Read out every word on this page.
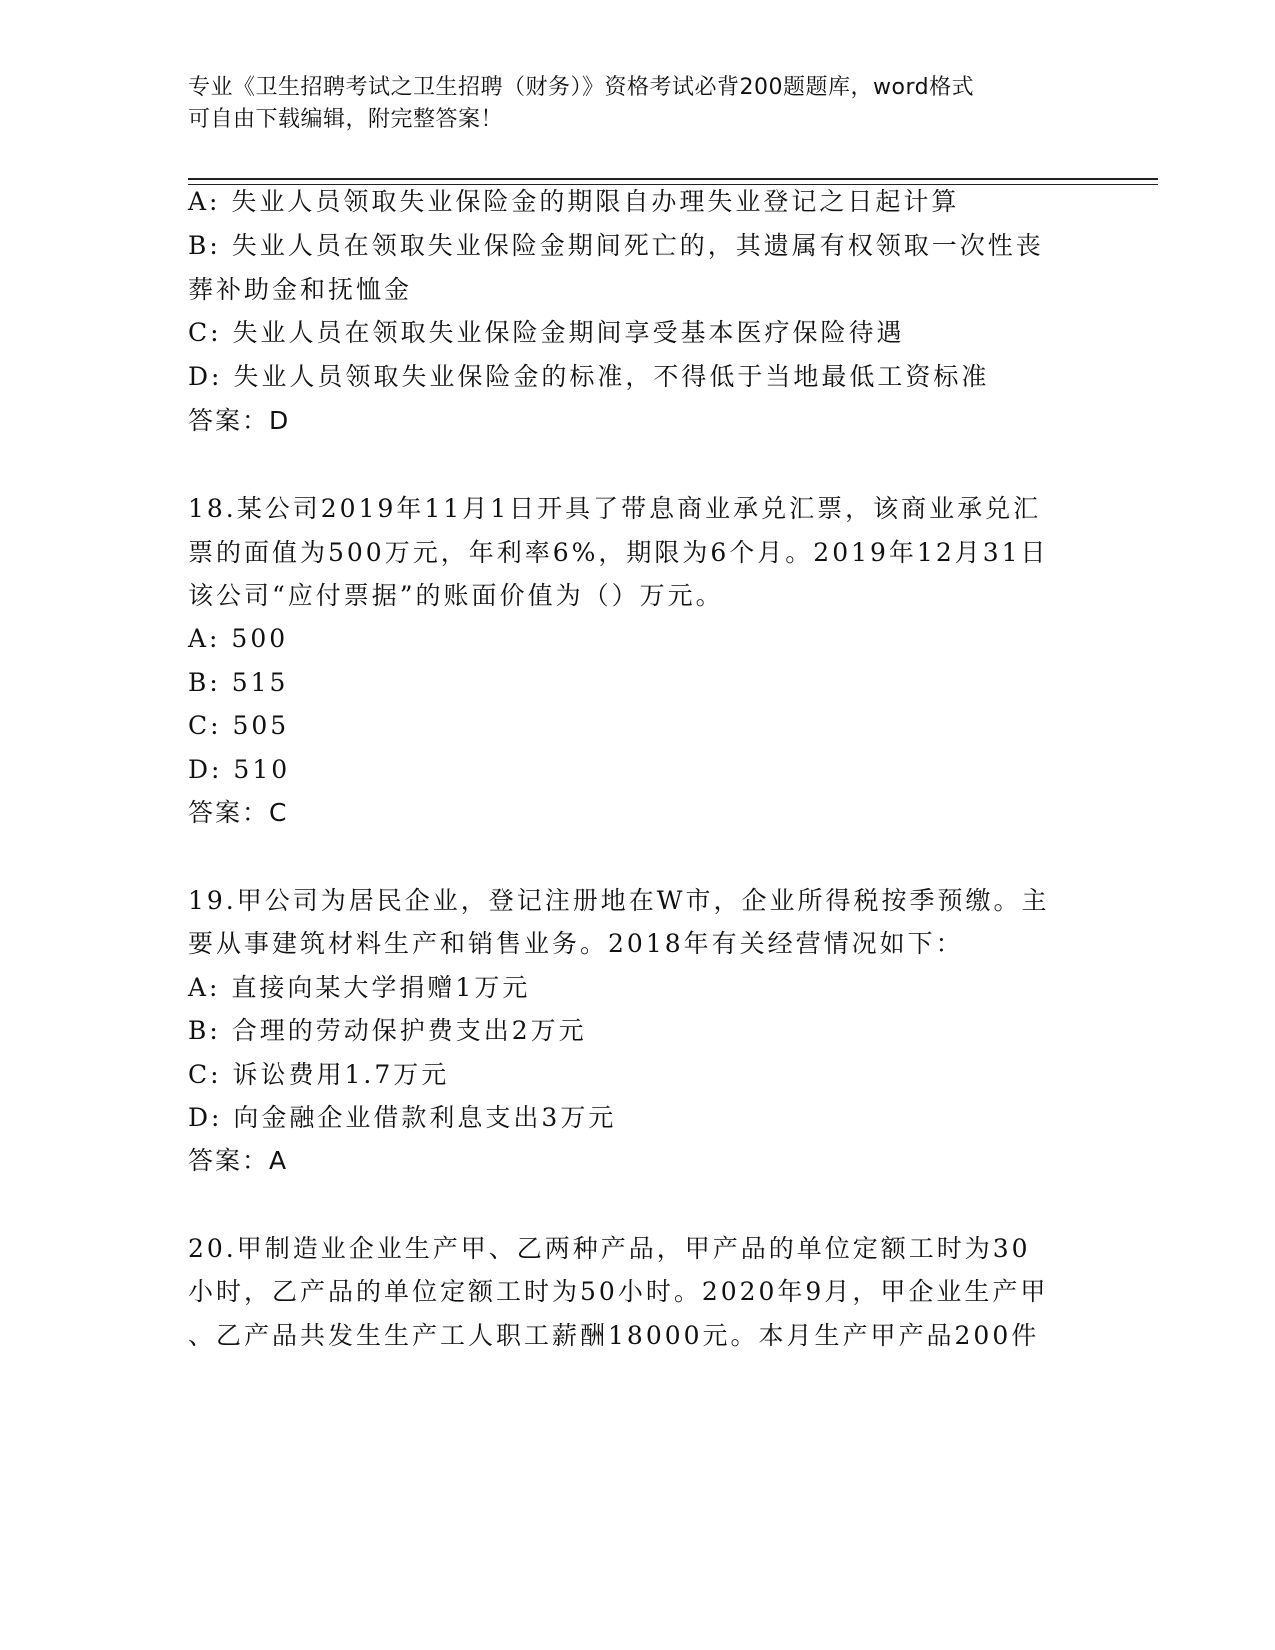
专业《卫生招聘考试之卫生招聘（财务）》资格考试必背200题题库，word格式
可自由下载编辑，附完整答案！
A: 失业人员领取失业保险金的期限自办理失业登记之日起计算
B: 失业人员在领取失业保险金期间死亡的，其遗属有权领取一次性丧
葬补助金和抚恤金
C: 失业人员在领取失业保险金期间享受基本医疗保险待遇
D: 失业人员领取失业保险金的标准，不得低于当地最低工资标准
答案：D
18.某公司2019年11月1日开具了带息商业承兑汇票，该商业承兑汇
票的面值为500万元，年利率6%，期限为6个月。2019年12月31日
该公司“应付票据”的账面价值为（）万元。
A: 500
B: 515
C: 505
D: 510
答案：C
19.甲公司为居民企业，登记注册地在W市，企业所得税按季预缴。主
要从事建筑材料生产和销售业务。2018年有关经营情况如下：
A: 直接向某大学捐赠1万元
B: 合理的劳动保护费支出2万元
C: 诉讼费用1.7万元
D: 向金融企业借款利息支出3万元
答案：A
20.甲制造业企业生产甲、乙两种产品，甲产品的单位定额工时为30
小时，乙产品的单位定额工时为50小时。2020年9月，甲企业生产甲
、乙产品共发生生产工人职工薪酬18000元。本月生产甲产品200件
